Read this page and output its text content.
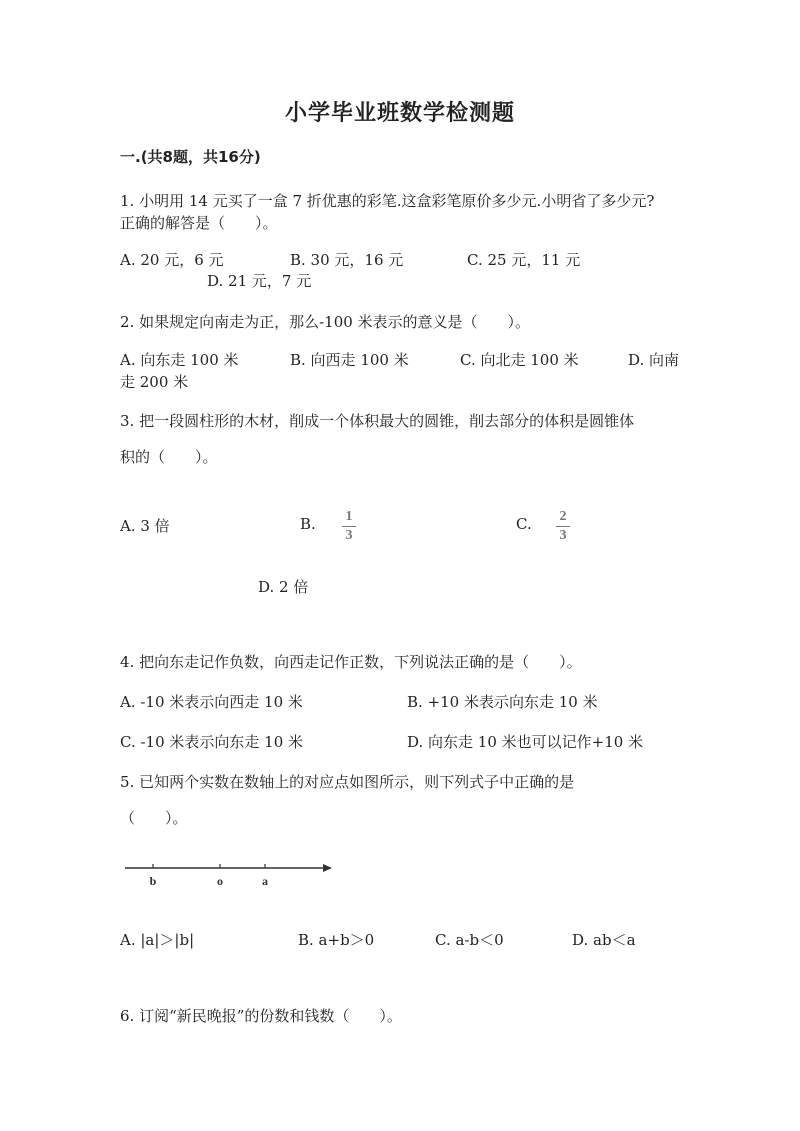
小学毕业班数学检测题
一.(共8题，共16分)
1. 小明用 14 元买了一盒 7 折优惠的彩笔.这盒彩笔原价多少元.小明省了多少元?
正确的解答是（　　）。
A. 20 元，6 元	B. 30 元，16 元	C. 25 元，11 元
D. 21 元，7 元
2. 如果规定向南走为正，那么-100 米表示的意义是（　　）。
A. 向东走 100 米	B. 向西走 100 米	C. 向北走 100 米	D. 向南
走 200 米
3. 把一段圆柱形的木材，削成一个体积最大的圆锥，削去部分的体积是圆锥体
积的（　　）。
A. 3 倍	B.	1
3
C.	2
3
D. 2 倍
4. 把向东走记作负数，向西走记作正数，下列说法正确的是（　　）。
A. -10 米表示向西走 10 米	B. +10 米表示向东走 10 米
C. -10 米表示向东走 10 米	D. 向东走 10 米也可以记作+10 米
5. 已知两个实数在数轴上的对应点如图所示，则下列式子中正确的是
（　　）。
b	o	a
A. |a|＞|b|	B. a+b＞0	C. a-b＜0	D. ab＜a
6. 订阅“新民晚报”的份数和钱数（　　）。
